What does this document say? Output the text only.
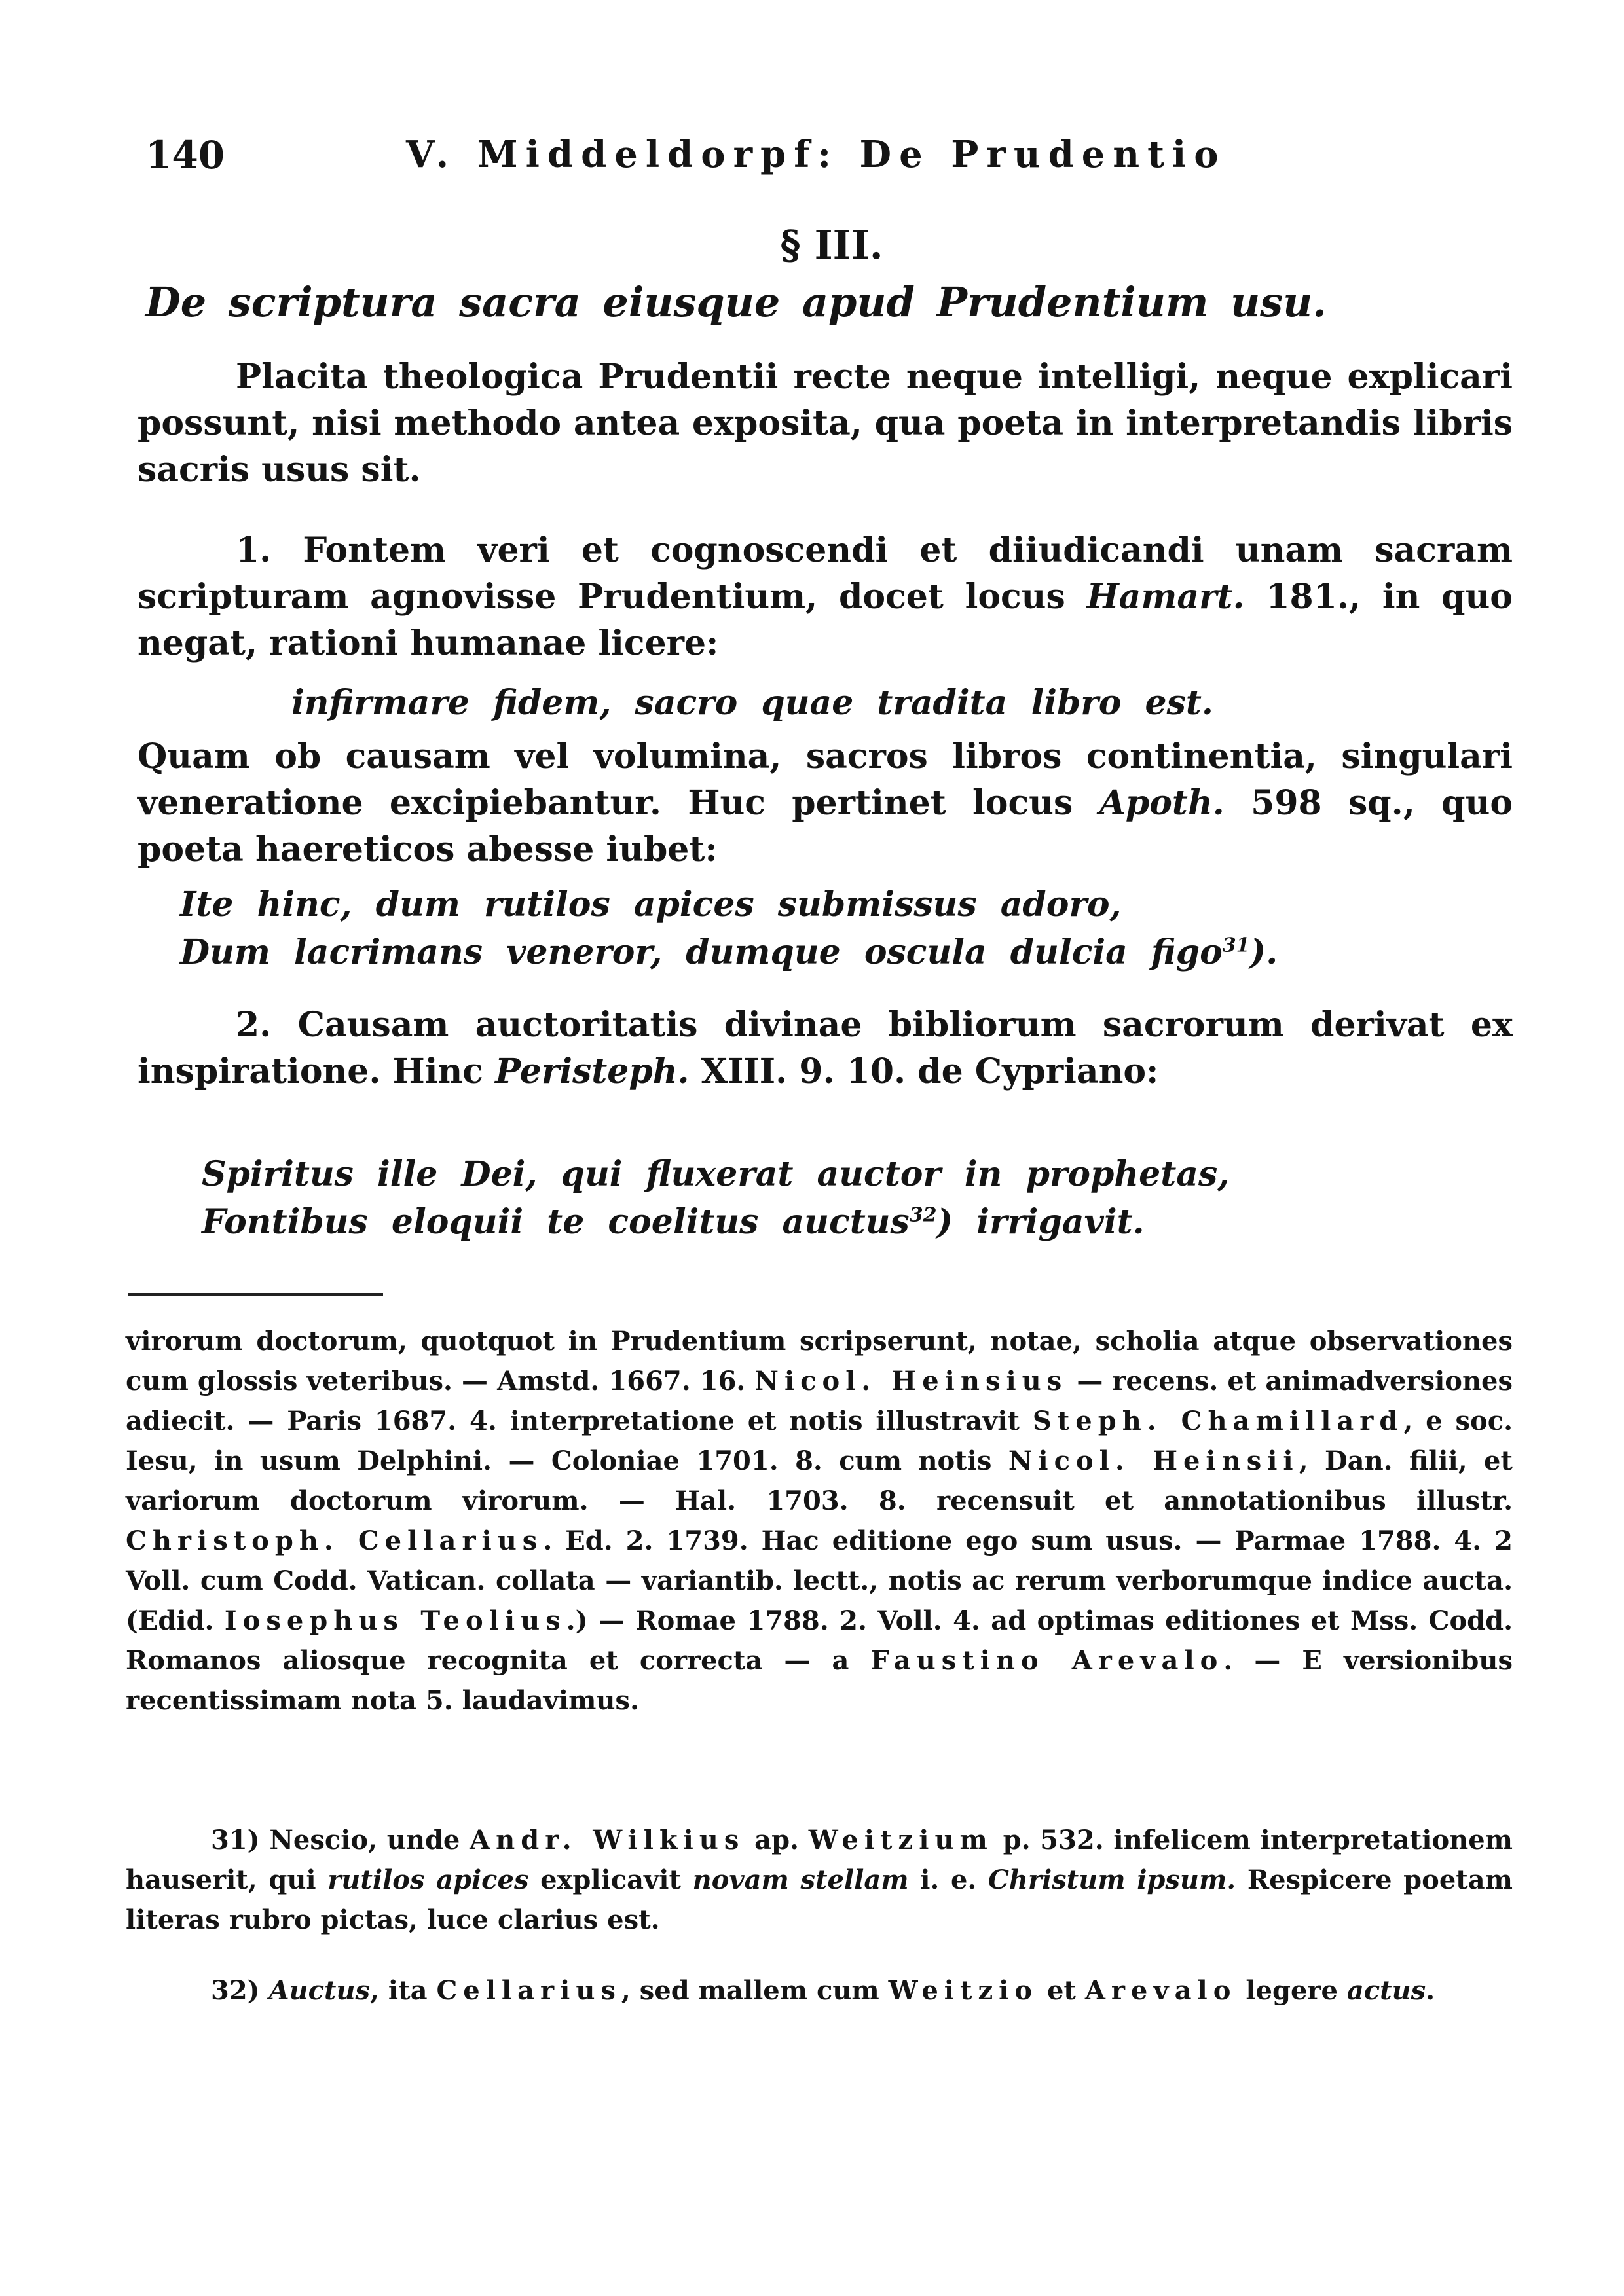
140	V. Middeldorpf: De Prudentio
§ III.
De scriptura sacra eiusque apud Prudentium usu.

Placita theologica Prudentii recte neque intelligi, neque explicari possunt, nisi methodo antea exposita, qua poeta in interpretandis libris sacris usus sit.

1. Fontem veri et cognoscendi et diiudicandi unam sacram scripturam agnovisse Prudentium, docet locus Hamart. 181., in quo negat, rationi humanae licere:

infirmare fidem, sacro quae tradita libro est.

Quam ob causam vel volumina, sacros libros continentia, singulari veneratione excipiebantur. Huc pertinet locus Apoth. 598 sq., quo poeta haereticos abesse iubet:

Ite hinc, dum rutilos apices submissus adoro,
Dum lacrimans veneror, dumque oscula dulcia figo$^{31}$).

2. Causam auctoritatis divinae bibliorum sacrorum derivat ex inspiratione. Hinc Peristeph. XIII. 9. 10. de Cypriano:

Spiritus ille Dei, qui fluxerat auctor in prophetas,
Fontibus eloquii te coelitus auctus$^{32}$) irrigavit.

virorum doctorum, quotquot in Prudentium scripserunt, notae, scholia atque observationes cum glossis veteribus. — Amstd. 1667. 16. Nicol. Heinsius — recens. et animadversiones adiecit. — Paris 1687. 4. interpretatione et notis illustravit Steph. Chamillard, e soc. Iesu, in usum Delphini. — Coloniae 1701. 8. cum notis Nicol. Heinsii, Dan. filii, et variorum doctorum virorum. — Hal. 1703. 8. recensuit et annotationibus illustr. Christoph. Cellarius. Ed. 2. 1739. Hac editione ego sum usus. — Parmae 1788. 4. 2 Voll. cum Codd. Vatican. collata — variantib. lectt., notis ac rerum verborumque indice aucta. (Edid. Iosephus Teolius.) — Romae 1788. 2. Voll. 4. ad optimas editiones et Mss. Codd. Romanos aliosque recognita et correcta — a Faustino Arevalo. — E versionibus recentissimam nota 5. laudavimus.

31) Nescio, unde Andr. Wilkius ap. Weitzium p. 532. infelicem interpretationem hauserit, qui rutilos apices explicavit novam stellam i. e. Christum ipsum. Respicere poetam literas rubro pictas, luce clarius est.

32) Auctus, ita Cellarius, sed mallem cum Weitzio et Arevalo legere actus.
